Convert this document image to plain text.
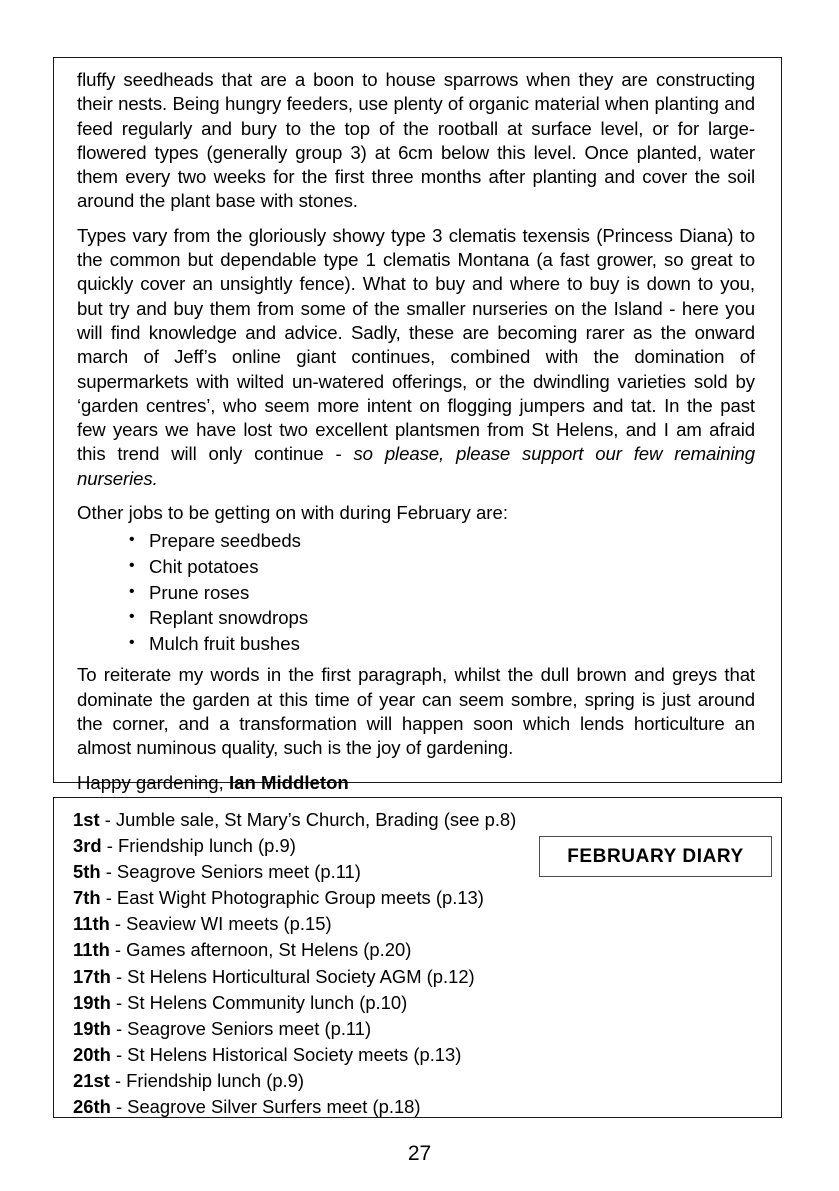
fluffy seedheads that are a boon to house sparrows when they are constructing their nests. Being hungry feeders, use plenty of organic material when planting and feed regularly and bury to the top of the rootball at surface level, or for large-flowered types (generally group 3) at 6cm below this level. Once planted, water them every two weeks for the first three months after planting and cover the soil around the plant base with stones.

Types vary from the gloriously showy type 3 clematis texensis (Princess Diana) to the common but dependable type 1 clematis Montana (a fast grower, so great to quickly cover an unsightly fence). What to buy and where to buy is down to you, but try and buy them from some of the smaller nurseries on the Island - here you will find knowledge and advice. Sadly, these are becoming rarer as the onward march of Jeff’s online giant continues, combined with the domination of supermarkets with wilted un-watered offerings, or the dwindling varieties sold by ‘garden centres’, who seem more intent on flogging jumpers and tat. In the past few years we have lost two excellent plantsmen from St Helens, and I am afraid this trend will only continue - so please, please support our few remaining nurseries.

Other jobs to be getting on with during February are:

• Prepare seedbeds
• Chit potatoes
• Prune roses
• Replant snowdrops
• Mulch fruit bushes

To reiterate my words in the first paragraph, whilst the dull brown and greys that dominate the garden at this time of year can seem sombre, spring is just around the corner, and a transformation will happen soon which lends horticulture an almost numinous quality, such is the joy of gardening.

Happy gardening, Ian Middleton

FEBRUARY DIARY
1st - Jumble sale, St Mary’s Church, Brading (see p.8)
3rd - Friendship lunch (p.9)
5th - Seagrove Seniors meet (p.11)
7th - East Wight Photographic Group meets (p.13)
11th - Seaview WI meets (p.15)
11th - Games afternoon, St Helens (p.20)
17th - St Helens Horticultural Society AGM (p.12)
19th - St Helens Community lunch (p.10)
19th - Seagrove Seniors meet (p.11)
20th - St Helens Historical Society meets (p.13)
21st - Friendship lunch (p.9)
26th - Seagrove Silver Surfers meet (p.18)
27
